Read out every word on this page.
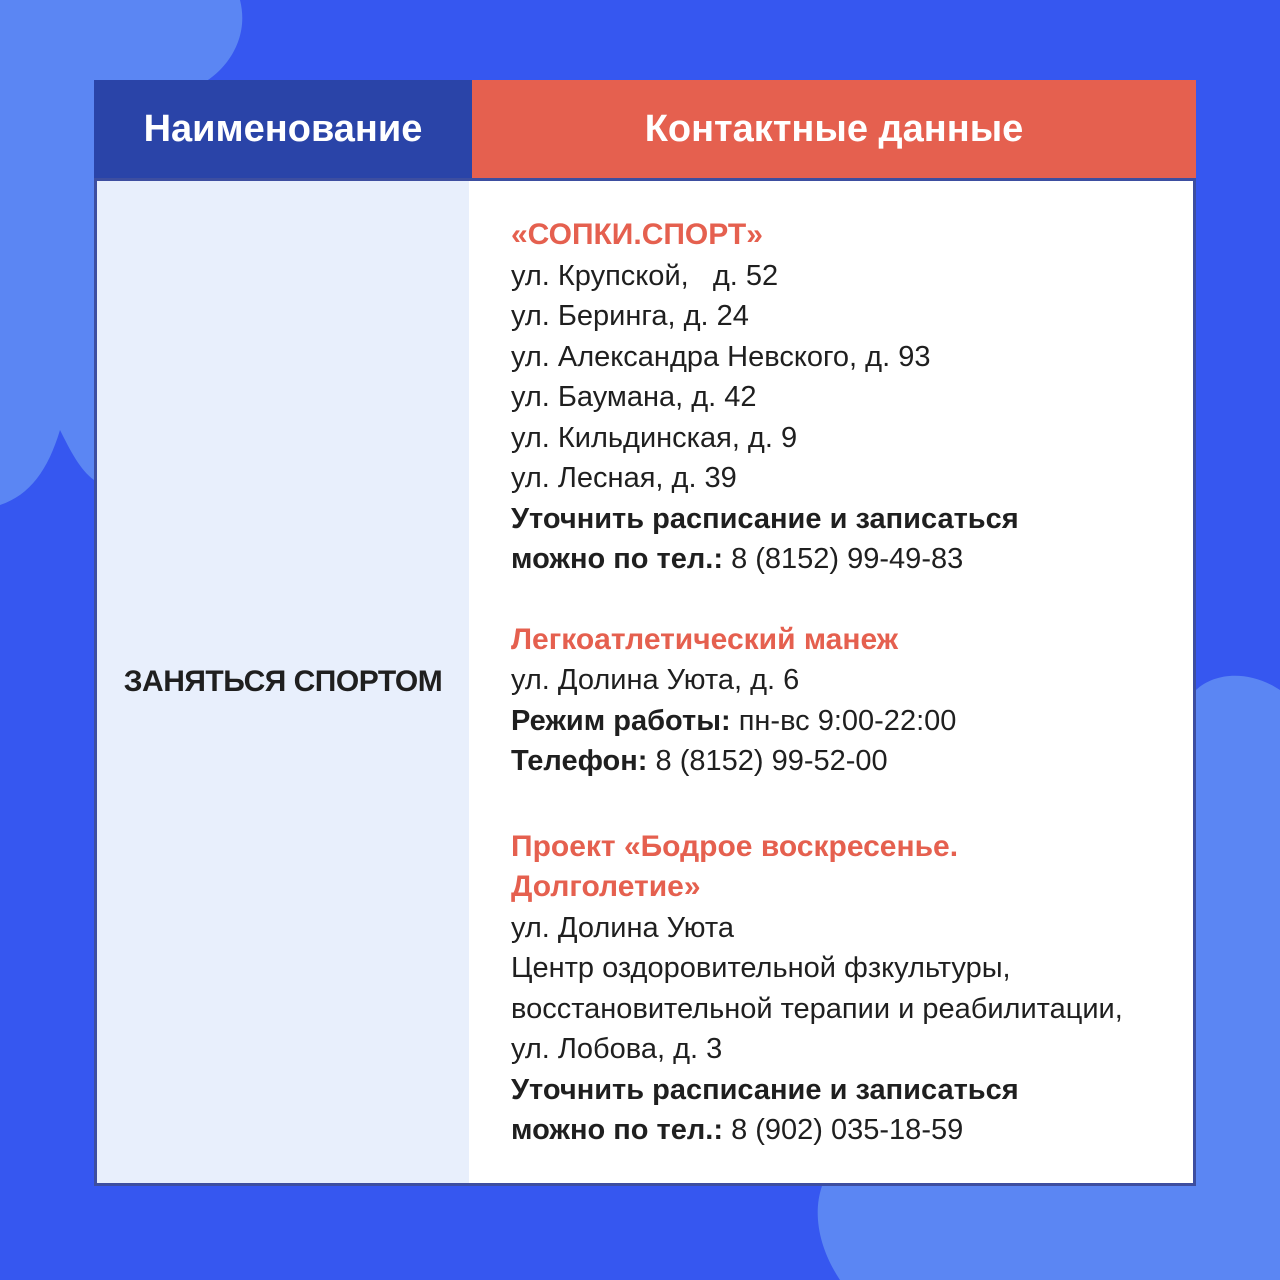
Наименование	Контактные данные
ЗАНЯТЬСЯ СПОРТОМ
«СОПКИ.СПОРТ»
ул. Крупской,   д. 52
ул. Беринга, д. 24
ул. Александра Невского, д. 93
ул. Баумана, д. 42
ул. Кильдинская, д. 9
ул. Лесная, д. 39
Уточнить расписание и записаться
можно по тел.: 8 (8152) 99-49-83
Легкоатлетический манеж
ул. Долина Уюта, д. 6
Режим работы: пн-вс 9:00-22:00
Телефон: 8 (8152) 99-52-00
Проект «Бодрое воскресенье.
Долголетие»
ул. Долина Уюта
Центр оздоровительной фзкультуры,
восстановительной терапии и реабилитации,
ул. Лобова, д. 3
Уточнить расписание и записаться
можно по тел.: 8 (902) 035-18-59
